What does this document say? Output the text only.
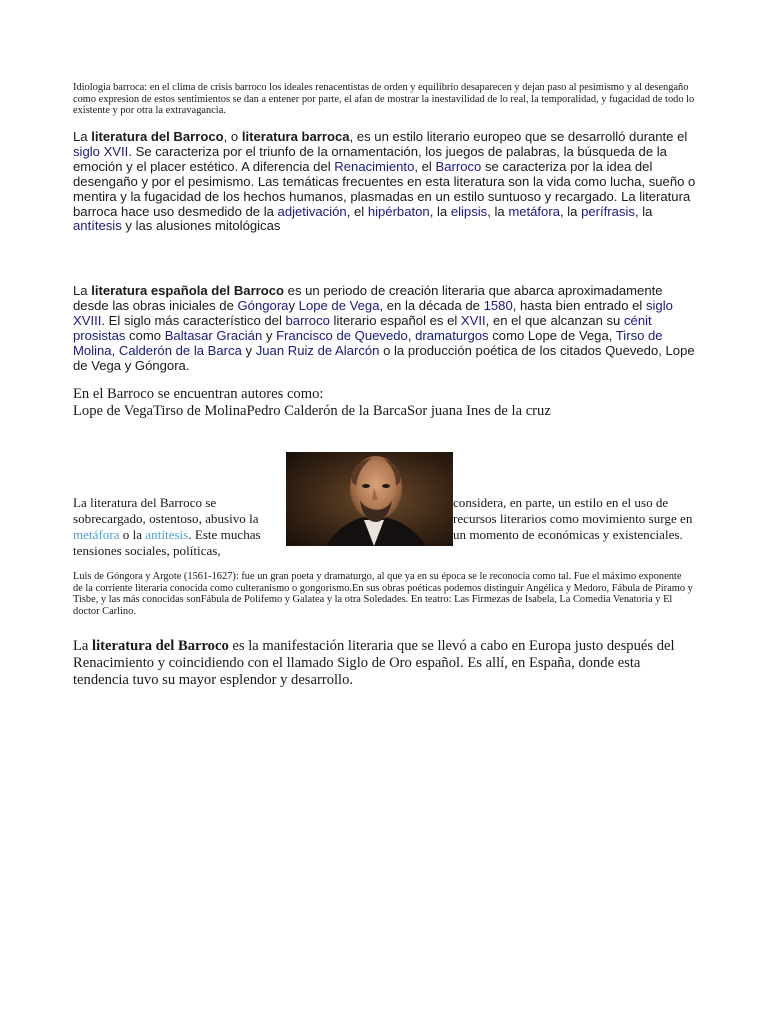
Idiologia barroca: en el clima de crisis barroco los ideales renacentistas de orden y equilibrio desaparecen y dejan paso al pesimismo y al desengaño como expresion de estos sentimientos se dan a entener por parte, el afan de mostrar la inestavilidad de lo real, la temporalidad, y fugacidad de todo lo existente y por otra la extravagancia.
La literatura del Barroco, o literatura barroca, es un estilo literario europeo que se desarrolló durante el siglo XVII. Se caracteriza por el triunfo de la ornamentación, los juegos de palabras, la búsqueda de la emoción y el placer estético. A diferencia del Renacimiento, el Barroco se caracteriza por la idea del desengaño y por el pesimismo. Las temáticas frecuentes en esta literatura son la vida como lucha, sueño o mentira y la fugacidad de los hechos humanos, plasmadas en un estilo suntuoso y recargado. La literatura barroca hace uso desmedido de la adjetivación, el hipérbaton, la elipsis, la metáfora, la perífrasis, la antítesis y las alusiones mitológicas
La literatura española del Barroco es un periodo de creación literaria que abarca aproximadamente desde las obras iniciales de Góngoray Lope de Vega, en la década de 1580, hasta bien entrado el siglo XVIII. El siglo más característico del barroco literario español es el XVII, en el que alcanzan su cénit prosistas como Baltasar Gracián y Francisco de Quevedo, dramaturgos como Lope de Vega, Tirso de Molina, Calderón de la Barca y Juan Ruiz de Alarcón o la producción poética de los citados Quevedo, Lope de Vega y Góngora.
En el Barroco se encuentran autores como:
Lope de VegaTirso de MolinaPedro Calderón de la BarcaSor juana Ines de la cruz
La literatura del Barroco se sobrecargado, ostentoso, abusivo la metáfora o la antítesis. Este muchas tensiones sociales, políticas,
considera, en parte, un estilo en el uso de recursos literarios como movimiento surge en un momento de económicas y existenciales.
Luis de Góngora y Argote (1561-1627): fue un gran poeta y dramaturgo, al que ya en su época se le reconocía como tal. Fue el máximo exponente de la corriente literaria conocida como culteranismo o gongorismo.En sus obras poéticas podemos distinguir Angélica y Medoro, Fábula de Píramo y Tisbe, y las más conocidas sonFábula de Polifemo y Galatea y la otra Soledades. En teatro: Las Firmezas de Isabela, La Comedia Venatoria y El doctor Carlino.
La literatura del Barroco es la manifestación literaria que se llevó a cabo en Europa justo después del Renacimiento y coincidiendo con el llamado Siglo de Oro español. Es allí, en España, donde esta tendencia tuvo su mayor esplendor y desarrollo.
